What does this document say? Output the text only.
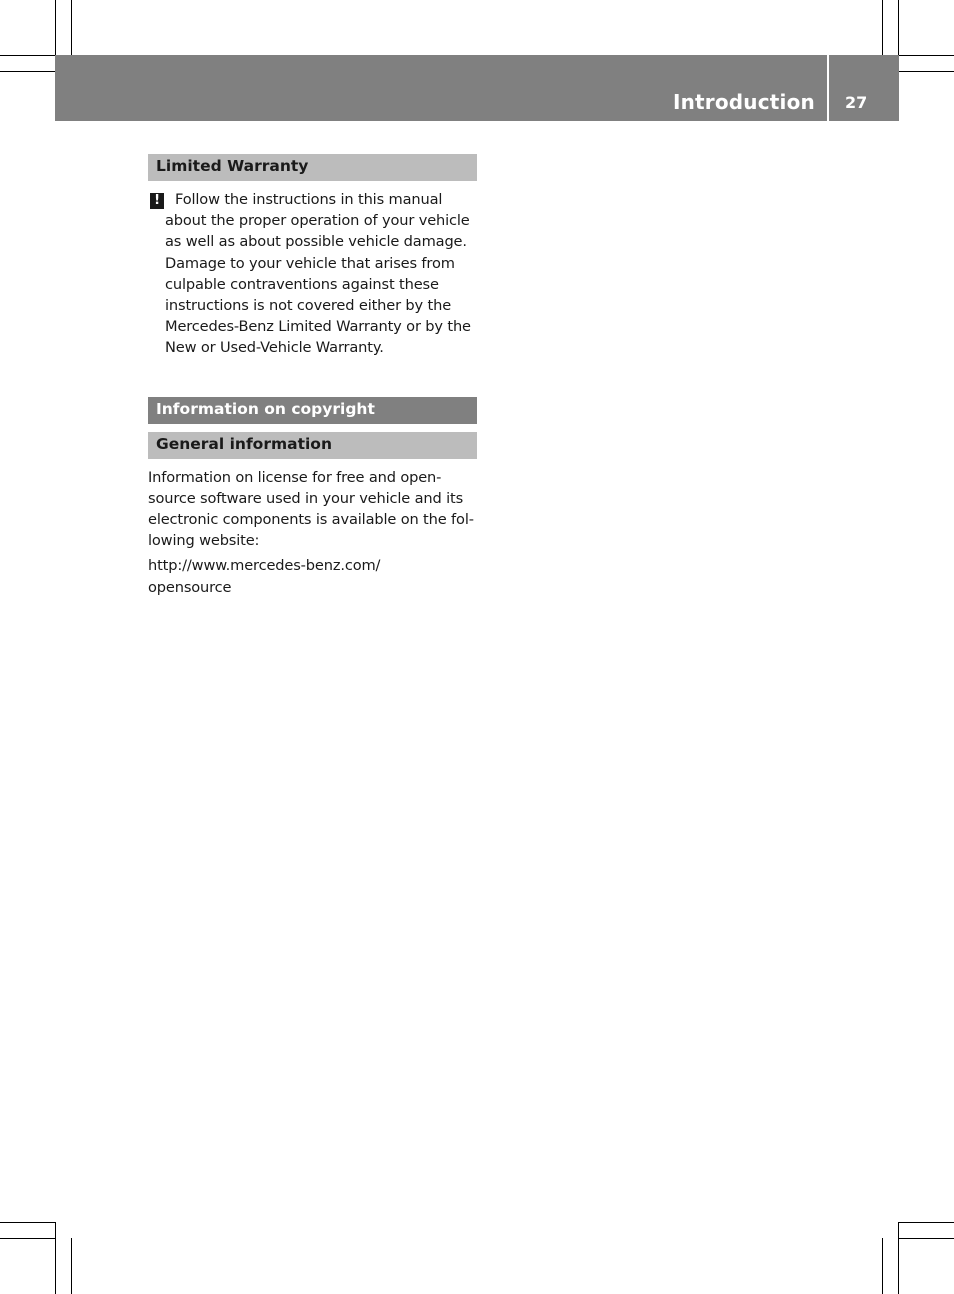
Introduction 27
Limited Warranty
!	Follow the instructions in this manual
about the proper operation of your vehicle
as well as about possible vehicle damage.
Damage to your vehicle that arises from
culpable contraventions against these
instructions is not covered either by the
Mercedes-Benz Limited Warranty or by the
New or Used-Vehicle Warranty.
Information on copyright
General information
Information on license for free and open-
source software used in your vehicle and its
electronic components is available on the fol-
lowing website:
http://www.mercedes-benz.com/
opensource
